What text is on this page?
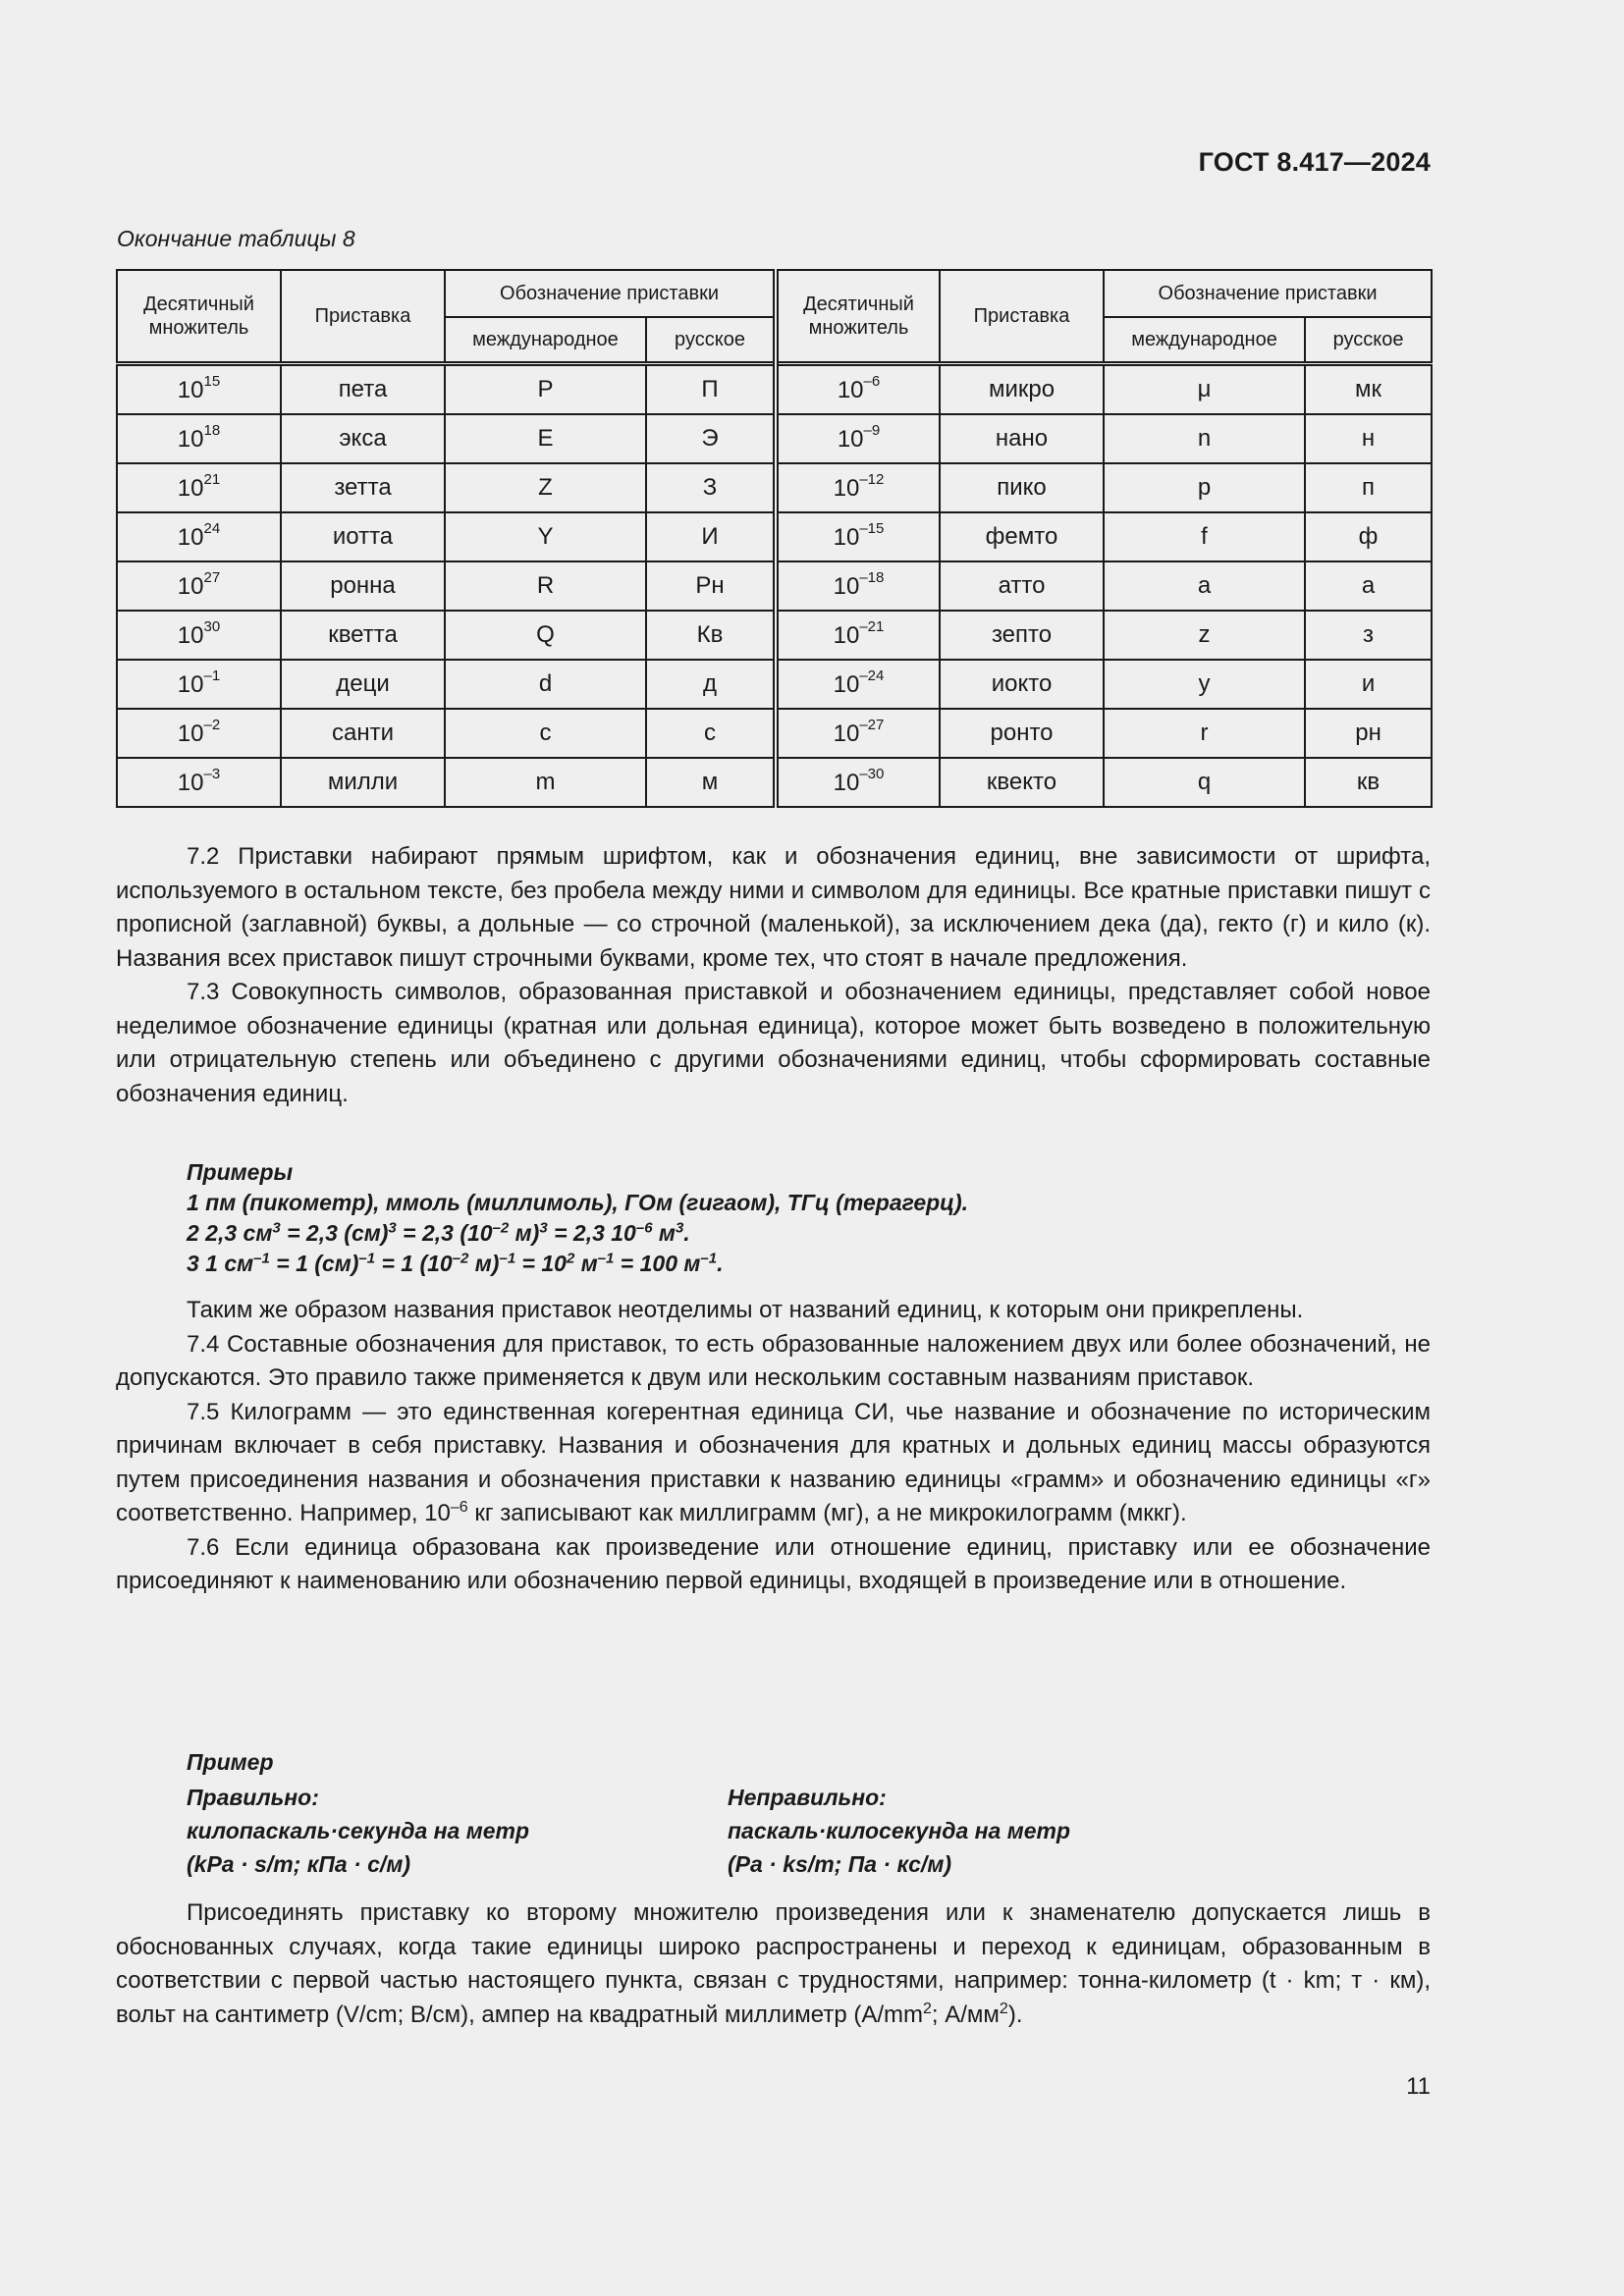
ГОСТ 8.417—2024
Окончание таблицы 8
Десятичный множитель	Приставка	Обозначение приставки		Десятичный множитель	Приставка	Обозначение приставки	
		международное	русское			международное	русское
$10^{15}$	пета	P	П	$10^{-6}$	микро	μ	мк
$10^{18}$	экса	E	Э	$10^{-9}$	нано	n	н
$10^{21}$	зетта	Z	З	$10^{-12}$	пико	p	п
$10^{24}$	иотта	Y	И	$10^{-15}$	фемто	f	ф
$10^{27}$	ронна	R	Рн	$10^{-18}$	атто	a	а
$10^{30}$	кветта	Q	Кв	$10^{-21}$	зепто	z	з
$10^{-1}$	деци	d	д	$10^{-24}$	иокто	y	и
$10^{-2}$	санти	c	с	$10^{-27}$	ронто	r	рн
$10^{-3}$	милли	m	м	$10^{-30}$	квекто	q	кв

7.2 Приставки набирают прямым шрифтом, как и обозначения единиц, вне зависимости от шрифта, используемого в остальном тексте, без пробела между ними и символом для единицы. Все кратные приставки пишут с прописной (заглавной) буквы, а дольные — со строчной (маленькой), за исключением дека (да), гекто (г) и кило (к). Названия всех приставок пишут строчными буквами, кроме тех, что стоят в начале предложения.

7.3 Совокупность символов, образованная приставкой и обозначением единицы, представляет собой новое неделимое обозначение единицы (кратная или дольная единица), которое может быть возведено в положительную или отрицательную степень или объединено с другими обозначениями единиц, чтобы сформировать составные обозначения единиц.

Примеры
1 пм (пикометр), ммоль (миллимоль), ГОм (гигаом), ТГц (терагерц).
2 2,3 $см^3 = 2,3$ (см)$^3$ = 2,3 ($10^{-2}$ м)$^3$ = 2,3 $10^{-6}$ $м^3$.
3 1 $см^{-1} = 1$ (см)$^{-1}$ = 1 ($10^{-2}$ $м)^{-1} = 10^2$ $м^{-1} = 100$ $м^{-1}$.

Таким же образом названия приставок неотделимы от названий единиц, к которым они прикреплены.

7.4 Составные обозначения для приставок, то есть образованные наложением двух или более обозначений, не допускаются. Это правило также применяется к двум или нескольким составным названиям приставок.

7.5 Килограмм — это единственная когерентная единица СИ, чье название и обозначение по историческим причинам включает в себя приставку. Названия и обозначения для кратных и дольных единиц массы образуются путем присоединения названия и обозначения приставки к названию единицы «грамм» и обозначению единицы «г» соответственно. Например, $10^{-6}$ кг записывают как миллиграмм (мг), а не микрокилограмм (мккг).

7.6 Если единица образована как произведение или отношение единиц, приставку или ее обозначение присоединяют к наименованию или обозначению первой единицы, входящей в произведение или в отношение.

Пример
Правильно:
килопаскаль·секунда на метр
(kPa · s/m; кПа · с/м)
Неправильно:
паскаль·килосекунда на метр
(Pa · ks/m; Па · кс/м)

Присоединять приставку ко второму множителю произведения или к знаменателю допускается лишь в обоснованных случаях, когда такие единицы широко распространены и переход к единицам, образованным в соответствии с первой частью настоящего пункта, связан с трудностями, например: тонна-километр (t · km; т · км), вольт на сантиметр (V/cm; В/см), ампер на квадратный миллиметр ($A/mm^2$; $А/мм^2$).

11
